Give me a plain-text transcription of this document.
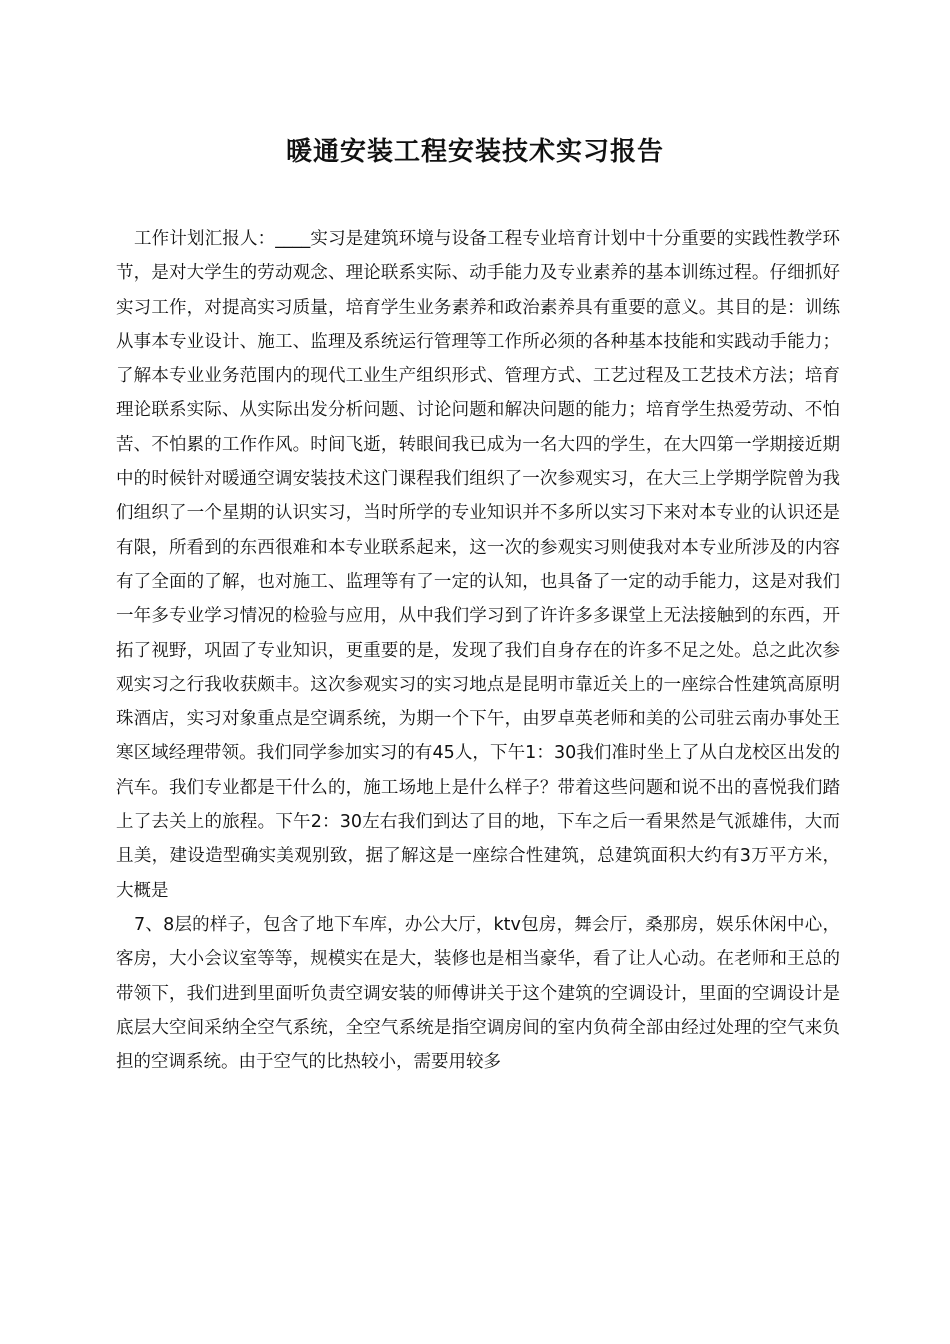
暖通安装工程安装技术实习报告

工作计划汇报人：____实习是建筑环境与设备工程专业培育计划中十分重要的实践性教学环节，是对大学生的劳动观念、理论联系实际、动手能力及专业素养的基本训练过程。仔细抓好实习工作，对提高实习质量，培育学生业务素养和政治素养具有重要的意义。其目的是：训练从事本专业设计、施工、监理及系统运行管理等工作所必须的各种基本技能和实践动手能力；了解本专业业务范围内的现代工业生产组织形式、管理方式、工艺过程及工艺技术方法；培育理论联系实际、从实际出发分析问题、讨论问题和解决问题的能力；培育学生热爱劳动、不怕苦、不怕累的工作作风。时间飞逝，转眼间我已成为一名大四的学生，在大四第一学期接近期中的时候针对暖通空调安装技术这门课程我们组织了一次参观实习，在大三上学期学院曾为我们组织了一个星期的认识实习，当时所学的专业知识并不多所以实习下来对本专业的认识还是有限，所看到的东西很难和本专业联系起来，这一次的参观实习则使我对本专业所涉及的内容有了全面的了解，也对施工、监理等有了一定的认知，也具备了一定的动手能力，这是对我们一年多专业学习情况的检验与应用，从中我们学习到了许许多多课堂上无法接触到的东西，开拓了视野，巩固了专业知识，更重要的是，发现了我们自身存在的许多不足之处。总之此次参观实习之行我收获颇丰。这次参观实习的实习地点是昆明市靠近关上的一座综合性建筑高原明珠酒店，实习对象重点是空调系统，为期一个下午，由罗卓英老师和美的公司驻云南办事处王寒区域经理带领。我们同学参加实习的有45人，下午1：30我们准时坐上了从白龙校区出发的汽车。我们专业都是干什么的，施工场地上是什么样子？带着这些问题和说不出的喜悦我们踏上了去关上的旅程。下午2：30左右我们到达了目的地，下车之后一看果然是气派雄伟，大而且美，建设造型确实美观别致，据了解这是一座综合性建筑，总建筑面积大约有3万平方米，大概是

7、8层的样子，包含了地下车库，办公大厅，ktv包房，舞会厅，桑那房，娱乐休闲中心，客房，大小会议室等等，规模实在是大，装修也是相当豪华，看了让人心动。在老师和王总的带领下，我们进到里面听负责空调安装的师傅讲关于这个建筑的空调设计，里面的空调设计是底层大空间采纳全空气系统，全空气系统是指空调房间的室内负荷全部由经过处理的空气来负担的空调系统。由于空气的比热较小，需要用较多
